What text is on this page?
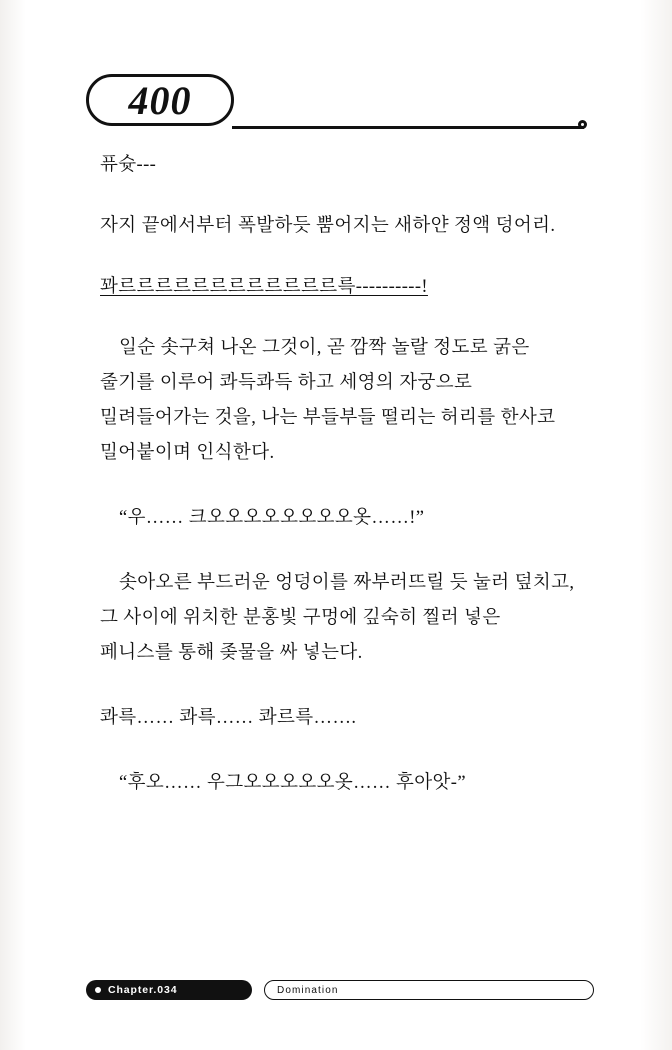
400

퓨슛---

자지 끝에서부터 폭발하듯 뿜어지는 새하얀 정액 덩어리.

꽈르르르르르르르르르르르르륵----------!

일순 솟구쳐 나온 그것이, 곧 깜짝 놀랄 정도로 굵은 줄기를 이루어 콰득콰득 하고 세영의 자궁으로 밀려들어가는 것을, 나는 부들부들 떨리는 허리를 한사코 밀어붙이며 인식한다.

“우…… 크오오오오오오오오옷……!”

솟아오른 부드러운 엉덩이를 짜부러뜨릴 듯 눌러 덮치고, 그 사이에 위치한 분홍빛 구멍에 깊숙히 찔러 넣은 페니스를 통해 좆물을 싸 넣는다.

콰륵…… 콰륵…… 콰르륵…….

“후오…… 우그오오오오오옷…… 후아앗-”

Chapter.034	Domination
